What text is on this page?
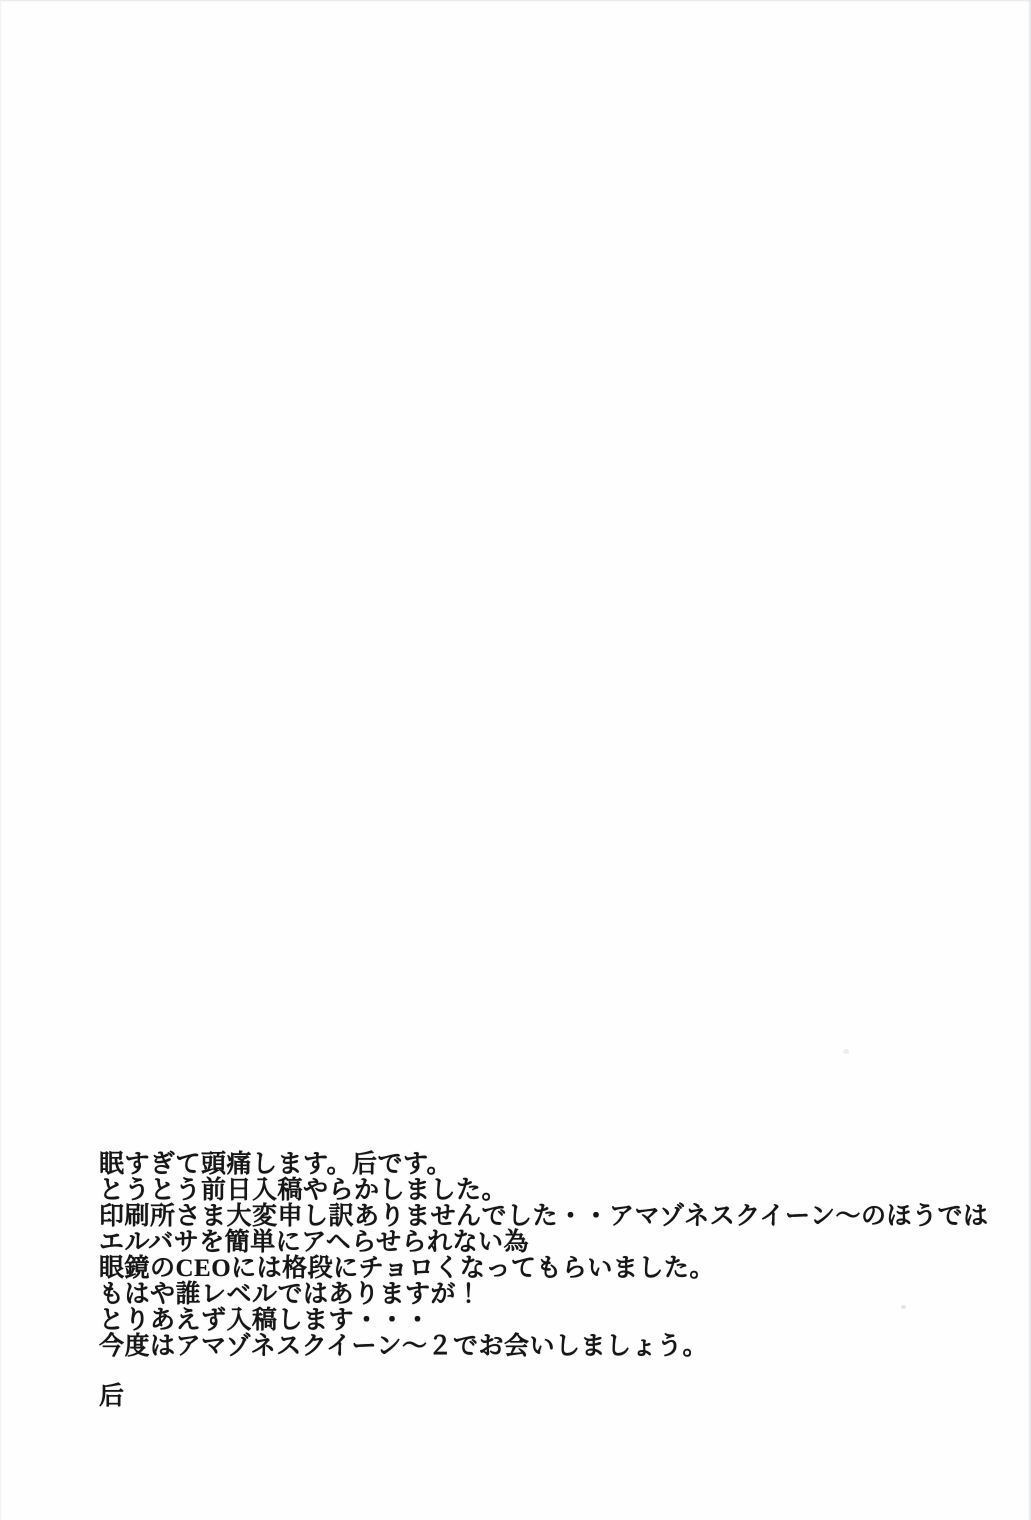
眠すぎて頭痛します。后です。

とうとう前日入稿やらかしました。

印刷所さま大変申し訳ありませんでした・・アマゾネスクイーン～のほうでは

エルバサを簡単にアヘらせられない為

眼鏡のCEOには格段にチョロくなってもらいました。

もはや誰レベルではありますが！

とりあえず入稿します・・・

今度はアマゾネスクイーン～２でお会いしましょう。

后
